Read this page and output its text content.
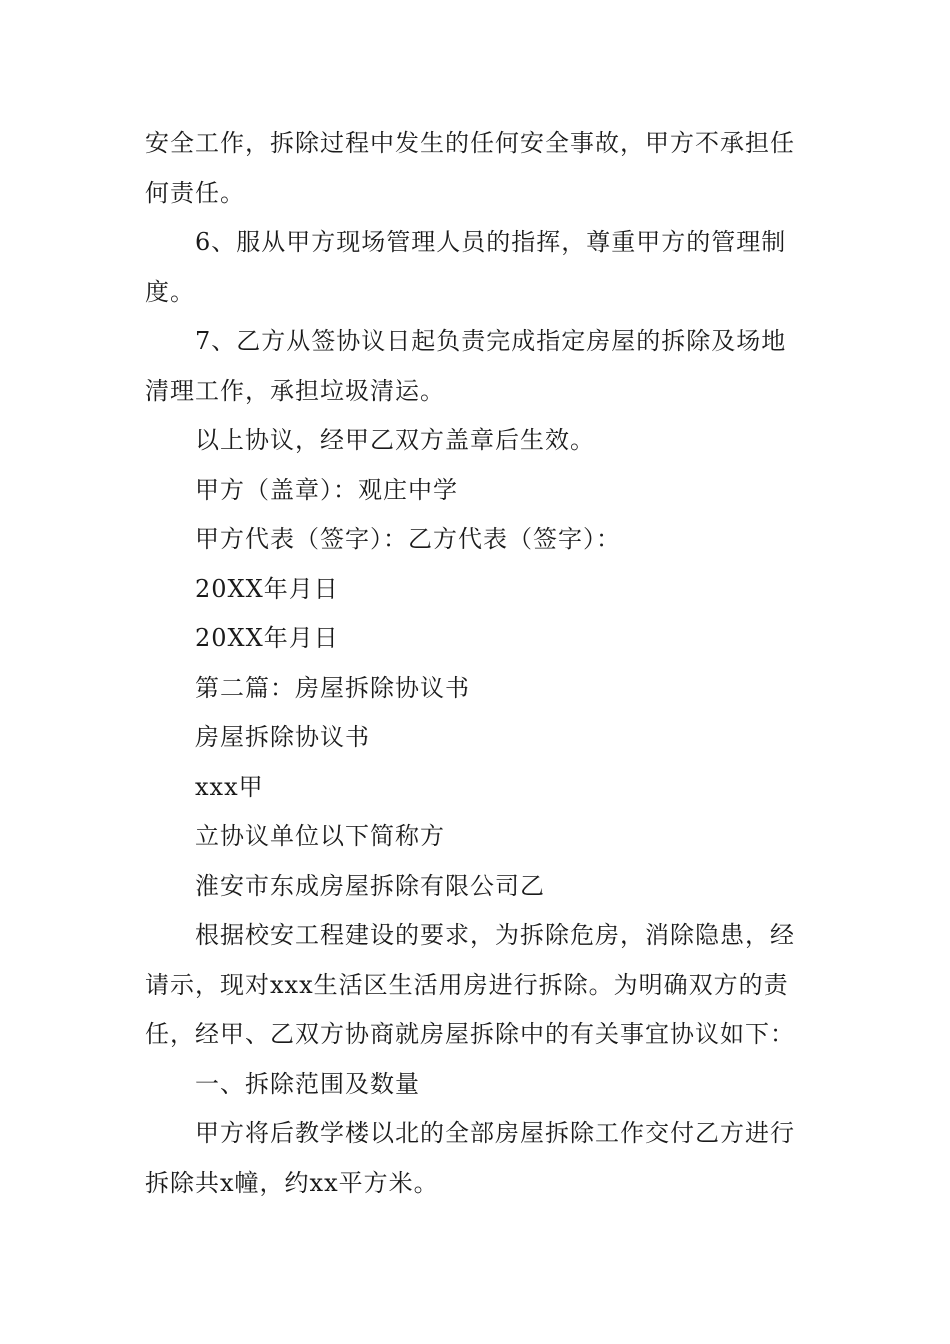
安全工作，拆除过程中发生的任何安全事故，甲方不承担任何责任。

6、服从甲方现场管理人员的指挥，尊重甲方的管理制度。

7、乙方从签协议日起负责完成指定房屋的拆除及场地清理工作，承担垃圾清运。

以上协议，经甲乙双方盖章后生效。

甲方（盖章）：观庄中学

甲方代表（签字）：乙方代表（签字）：

20XX年月日

20XX年月日

第二篇：房屋拆除协议书

房屋拆除协议书

xxx甲

立协议单位以下简称方

淮安市东成房屋拆除有限公司乙

根据校安工程建设的要求，为拆除危房，消除隐患，经请示，现对xxx生活区生活用房进行拆除。为明确双方的责任，经甲、乙双方协商就房屋拆除中的有关事宜协议如下：

一、拆除范围及数量

甲方将后教学楼以北的全部房屋拆除工作交付乙方进行拆除共x幢，约xx平方米。
